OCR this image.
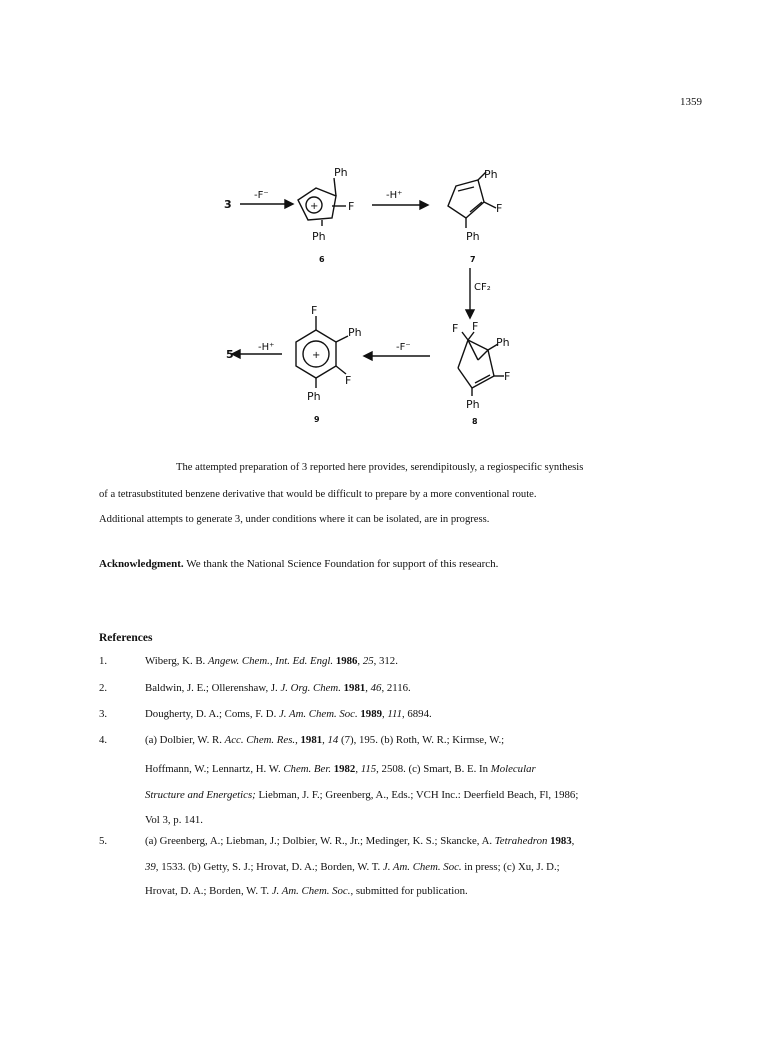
1359
3
-F⁻	-H⁺
CF₂
-F⁻
-H⁺
5
Ph
F
Ph
+
6
Ph
F
Ph
7
F F
Ph
F
Ph
8
F
Ph
F
Ph
+
9
The attempted preparation of 3 reported here provides, serendipitously, a regiospecific synthesis
of a tetrasubstituted benzene derivative that would be difficult to prepare by a more conventional route.
Additional attempts to generate 3, under conditions where it can be isolated, are in progress.
Acknowledgment. We thank the National Science Foundation for support of this research.
References
1.	Wiberg, K. B. Angew. Chem., Int. Ed. Engl. 1986, 25, 312.
2.	Baldwin, J. E.; Ollerenshaw, J. J. Org. Chem. 1981, 46, 2116.
3.	Dougherty, D. A.; Coms, F. D. J. Am. Chem. Soc. 1989, 111, 6894.
4.	(a) Dolbier, W. R. Acc. Chem. Res., 1981, 14 (7), 195. (b) Roth, W. R.; Kirmse, W.;
Hoffmann, W.; Lennartz, H. W. Chem. Ber. 1982, 115, 2508. (c) Smart, B. E. In Molecular
Structure and Energetics; Liebman, J. F.; Greenberg, A., Eds.; VCH Inc.: Deerfield Beach, Fl, 1986;
Vol 3, p. 141.
5.	(a) Greenberg, A.; Liebman, J.; Dolbier, W. R., Jr.; Medinger, K. S.; Skancke, A. Tetrahedron 1983,
39, 1533. (b) Getty, S. J.; Hrovat, D. A.; Borden, W. T. J. Am. Chem. Soc. in press; (c) Xu, J. D.;
Hrovat, D. A.; Borden, W. T. J. Am. Chem. Soc., submitted for publication.
